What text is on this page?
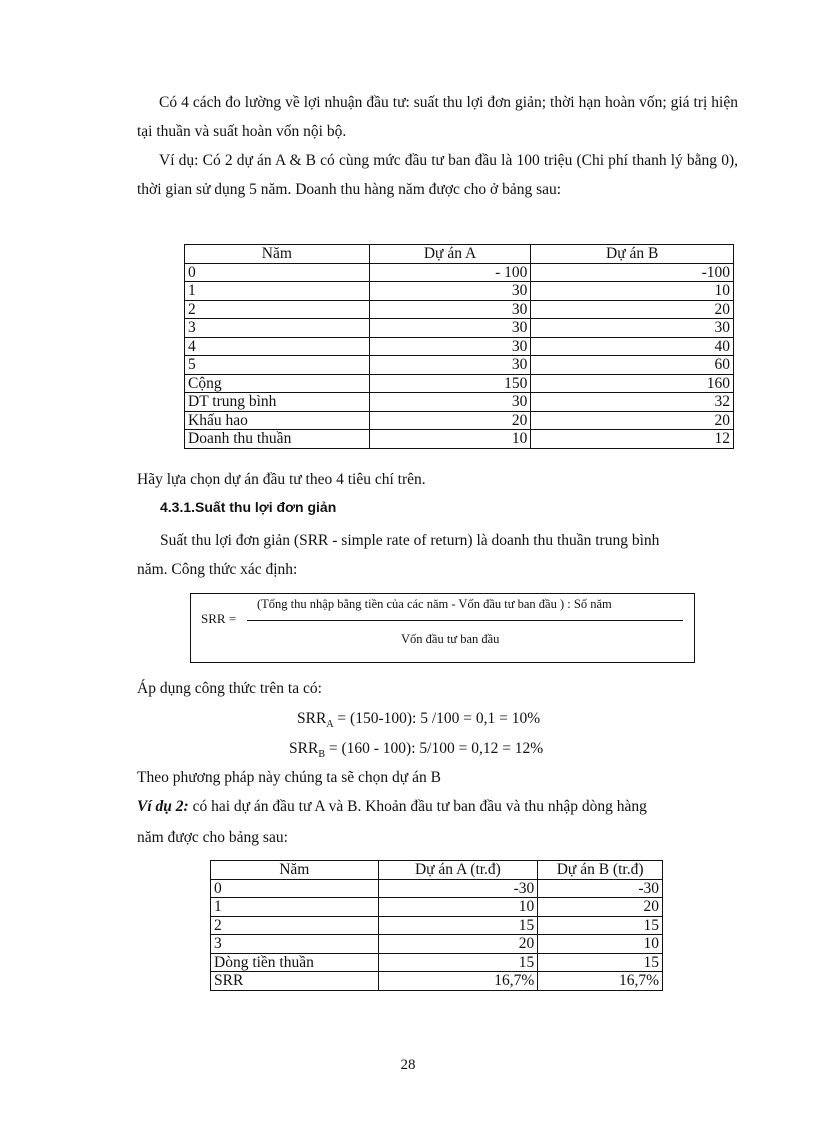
Có 4 cách đo lường về lợi nhuận đầu tư: suất thu lợi đơn giản; thời hạn hoàn vốn; giá trị hiện tại thuần và suất hoàn vốn nội bộ.

Ví dụ: Có 2 dự án A & B có cùng mức đầu tư ban đầu là 100 triệu (Chi phí thanh lý bằng 0), thời gian sử dụng 5 năm. Doanh thu hàng năm được cho ở bảng sau:

Năm	Dự án A	Dự án B
0	- 100	-100
1	30	10
2	30	20
3	30	30
4	30	40
5	30	60
Cộng	150	160
DT trung bình	30	32
Khấu hao	20	20
Doanh thu thuần	10	12

Hãy lựa chọn dự án đầu tư theo 4 tiêu chí trên.

4.3.1.Suất thu lợi đơn giản

Suất thu lợi đơn giản (SRR - simple rate of return) là doanh thu thuần trung bình

năm. Công thức xác định:

SRR =
(Tổng thu nhập bằng tiền của các năm - Vốn đầu tư ban đầu ) : Số năm
Vốn đầu tư ban đầu

Áp dụng công thức trên ta có:

$SRR_A = (150-100)$: 5 /100 = 0,1 = 10%
$SRR_B = (160 - 100)$: 5/100 = 0,12 = 12%

Theo phương pháp này chúng ta sẽ chọn dự án B

Ví dụ 2: có hai dự án đầu tư A và B. Khoản đầu tư ban đầu và thu nhập dòng hàng

năm được cho bảng sau:

Năm	Dự án A (tr.đ)	Dự án B (tr.đ)
0	-30	-30
1	10	20
2	15	15
3	20	10
Dòng tiền thuần	15	15
SRR	16,7%	16,7%
28
